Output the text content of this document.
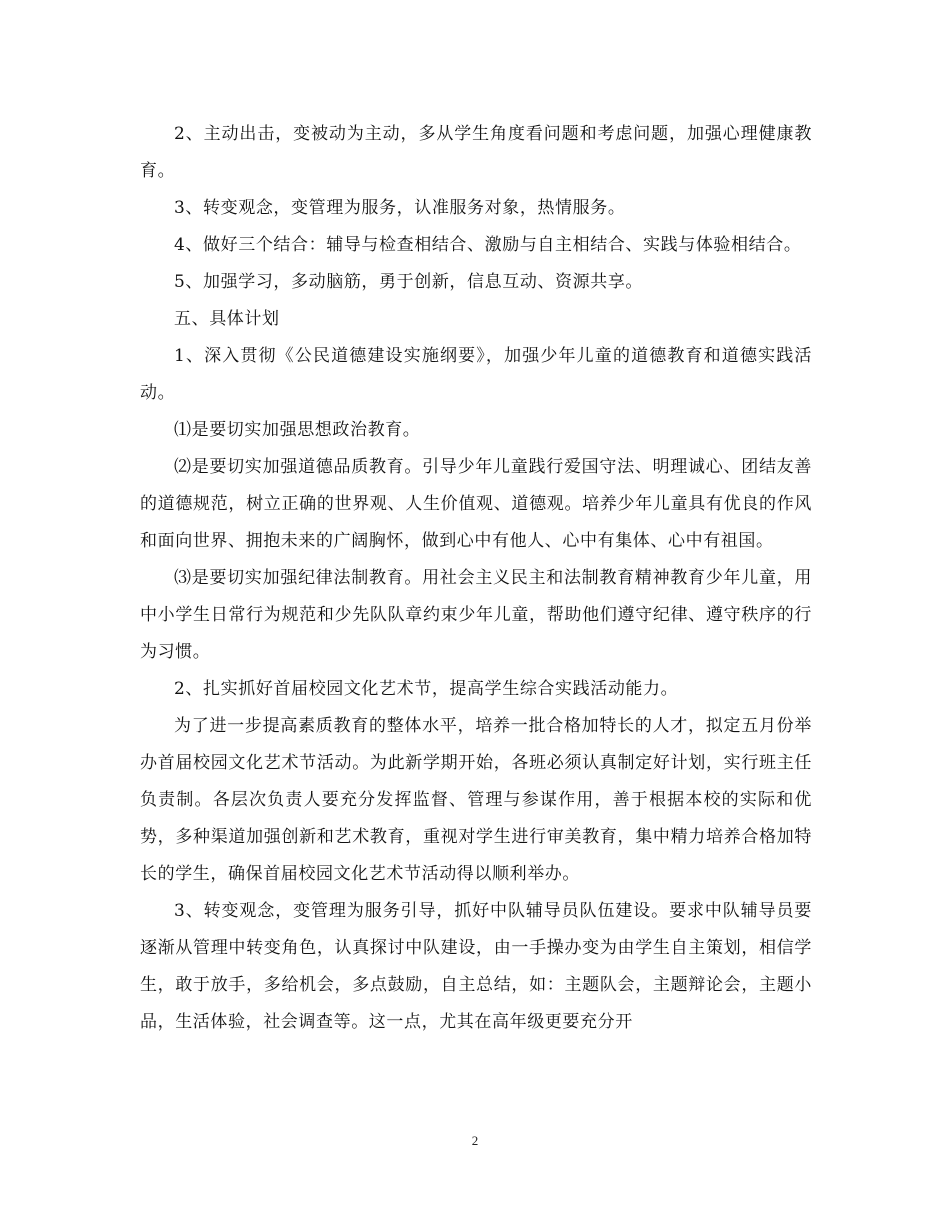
2、主动出击，变被动为主动，多从学生角度看问题和考虑问题，加强心理健康教育。

3、转变观念，变管理为服务，认准服务对象，热情服务。

4、做好三个结合：辅导与检查相结合、激励与自主相结合、实践与体验相结合。

5、加强学习，多动脑筋，勇于创新，信息互动、资源共享。

五、具体计划

1、深入贯彻《公民道德建设实施纲要》，加强少年儿童的道德教育和道德实践活动。

⑴是要切实加强思想政治教育。

⑵是要切实加强道德品质教育。引导少年儿童践行爱国守法、明理诚心、团结友善的道德规范，树立正确的世界观、人生价值观、道德观。培养少年儿童具有优良的作风和面向世界、拥抱未来的广阔胸怀，做到心中有他人、心中有集体、心中有祖国。

⑶是要切实加强纪律法制教育。用社会主义民主和法制教育精神教育少年儿童，用中小学生日常行为规范和少先队队章约束少年儿童，帮助他们遵守纪律、遵守秩序的行为习惯。

2、扎实抓好首届校园文化艺术节，提高学生综合实践活动能力。

为了进一步提高素质教育的整体水平，培养一批合格加特长的人才，拟定五月份举办首届校园文化艺术节活动。为此新学期开始，各班必须认真制定好计划，实行班主任负责制。各层次负责人要充分发挥监督、管理与参谋作用，善于根据本校的实际和优势，多种渠道加强创新和艺术教育，重视对学生进行审美教育，集中精力培养合格加特长的学生，确保首届校园文化艺术节活动得以顺利举办。

3、转变观念，变管理为服务引导，抓好中队辅导员队伍建设。要求中队辅导员要逐渐从管理中转变角色，认真探讨中队建设，由一手操办变为由学生自主策划，相信学生，敢于放手，多给机会，多点鼓励，自主总结，如：主题队会，主题辩论会，主题小品，生活体验，社会调查等。这一点，尤其在高年级更要充分开

2
